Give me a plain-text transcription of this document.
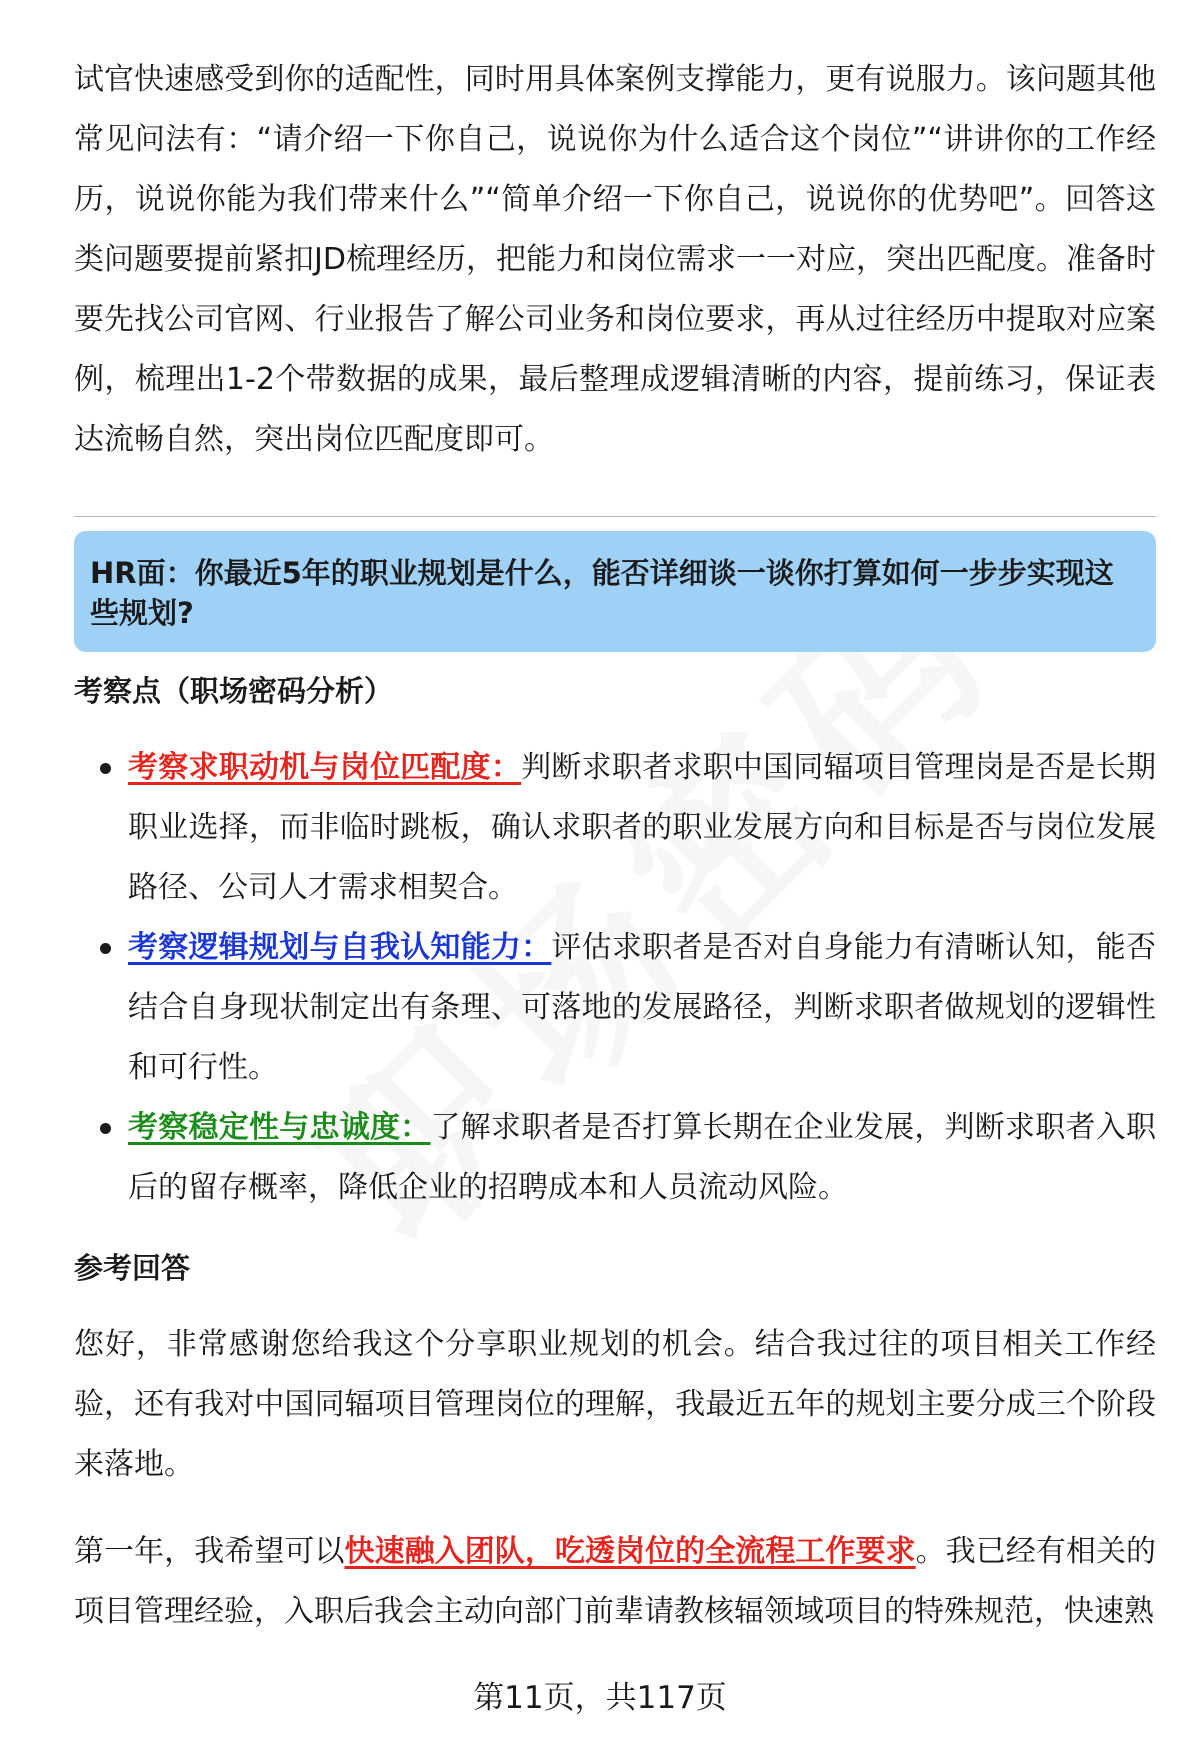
试官快速感受到你的适配性，同时用具体案例支撑能力，更有说服力。该问题其他常见问法有：“请介绍一下你自己，说说你为什么适合这个岗位”“讲讲你的工作经历，说说你能为我们带来什么”“简单介绍一下你自己，说说你的优势吧”。回答这类问题要提前紧扣JD梳理经历，把能力和岗位需求一一对应，突出匹配度。准备时要先找公司官网、行业报告了解公司业务和岗位要求，再从过往经历中提取对应案例，梳理出1-2个带数据的成果，最后整理成逻辑清晰的内容，提前练习，保证表达流畅自然，突出岗位匹配度即可。

HR面：你最近5年的职业规划是什么，能否详细谈一谈你打算如何一步步实现这些规划?

考察点（职场密码分析）

考察求职动机与岗位匹配度：判断求职者求职中国同辐项目管理岗是否是长期职业选择，而非临时跳板，确认求职者的职业发展方向和目标是否与岗位发展路径、公司人才需求相契合。
考察逻辑规划与自我认知能力：评估求职者是否对自身能力有清晰认知，能否结合自身现状制定出有条理、可落地的发展路径，判断求职者做规划的逻辑性和可行性。
考察稳定性与忠诚度：了解求职者是否打算长期在企业发展，判断求职者入职后的留存概率，降低企业的招聘成本和人员流动风险。

参考回答

您好，非常感谢您给我这个分享职业规划的机会。结合我过往的项目相关工作经验，还有我对中国同辐项目管理岗位的理解，我最近五年的规划主要分成三个阶段来落地。

第一年，我希望可以快速融入团队，吃透岗位的全流程工作要求。我已经有相关的项目管理经验，入职后我会主动向部门前辈请教核辐领域项目的特殊规范，快速熟

第11页，共117页
